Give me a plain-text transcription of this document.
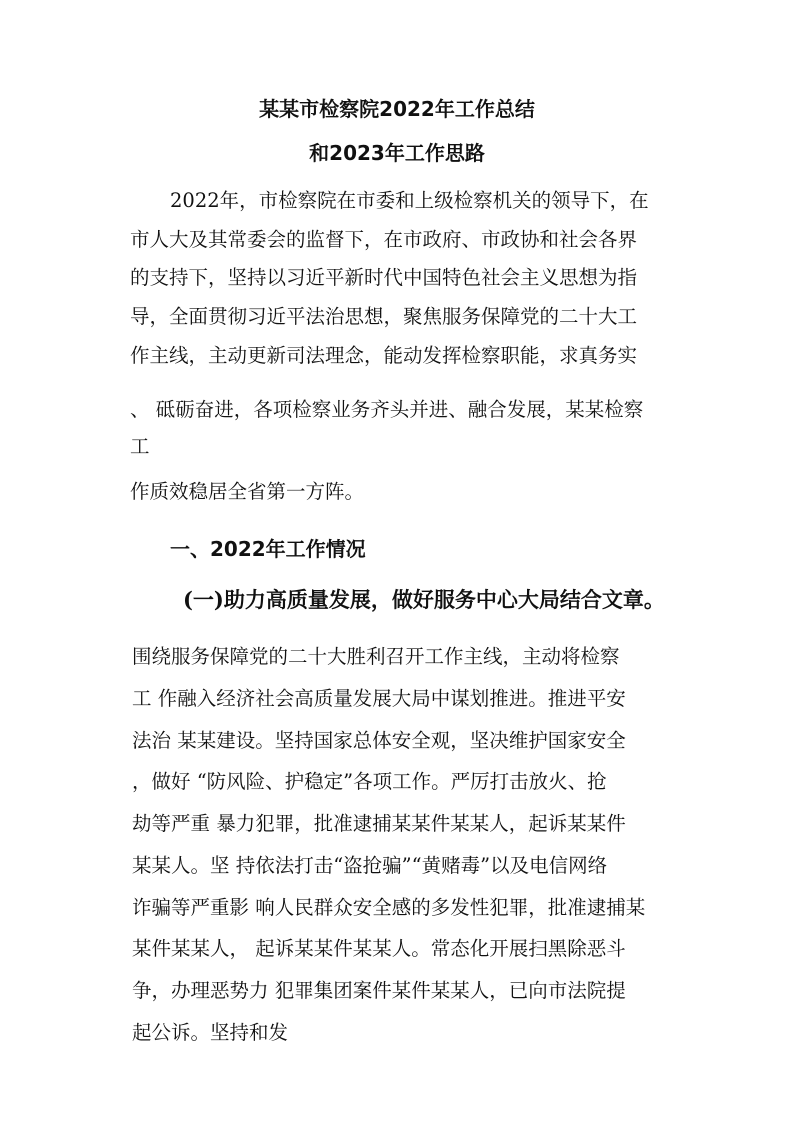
某某市检察院2022年工作总结
和2023年工作思路
2022年，市检察院在市委和上级检察机关的领导下，在
市人大及其常委会的监督下，在市政府、市政协和社会各界
的支持下，坚持以习近平新时代中国特色社会主义思想为指
导，全面贯彻习近平法治思想，聚焦服务保障党的二十大工
作主线，主动更新司法理念，能动发挥检察职能，求真务实
、 砥砺奋进，各项检察业务齐头并进、融合发展，某某检察
工
作质效稳居全省第一方阵。
一、2022年工作情况
(一)助力高质量发展，做好服务中心大局结合文章。
围绕服务保障党的二十大胜利召开工作主线，主动将检察
工 作融入经济社会高质量发展大局中谋划推进。推进平安
法治 某某建设。坚持国家总体安全观，坚决维护国家安全
，做好 “防风险、护稳定”各项工作。严厉打击放火、抢
劫等严重 暴力犯罪，批准逮捕某某件某某人，起诉某某件
某某人。坚 持依法打击“盗抢骗”“黄赌毒”以及电信网络
诈骗等严重影 响人民群众安全感的多发性犯罪，批准逮捕某
某件某某人， 起诉某某件某某人。常态化开展扫黑除恶斗
争，办理恶势力 犯罪集团案件某件某某人，已向市法院提
起公诉。坚持和发
